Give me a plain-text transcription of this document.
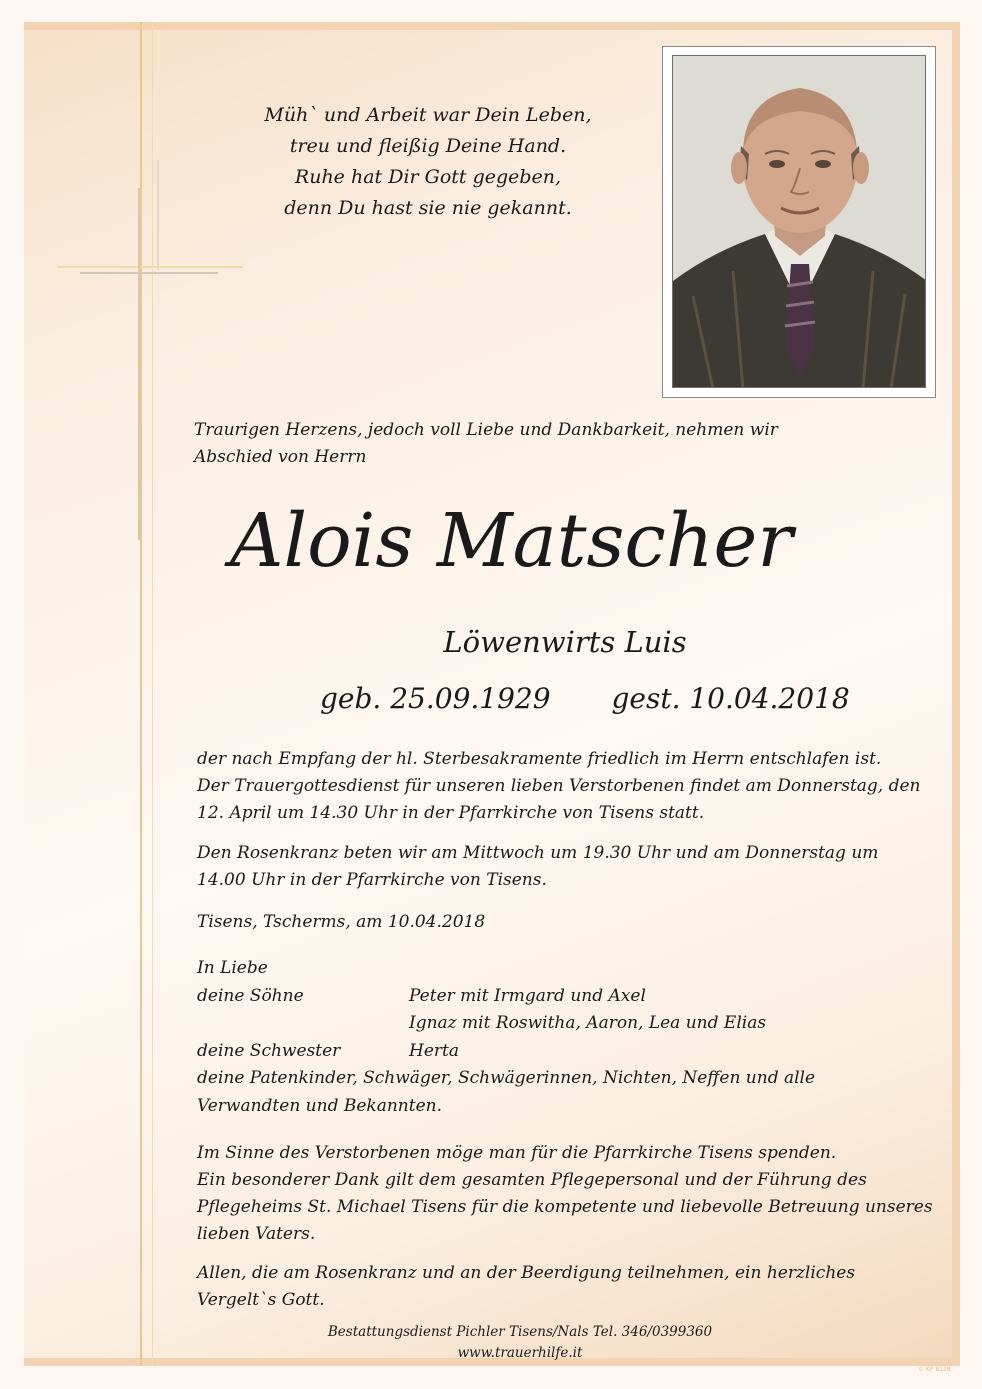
Müh` und Arbeit war Dein Leben,
treu und fleißig Deine Hand.
Ruhe hat Dir Gott gegeben,
denn Du hast sie nie gekannt.
Traurigen Herzens, jedoch voll Liebe und Dankbarkeit, nehmen wir
Abschied von Herrn
Alois Matscher
Löwenwirts Luis
geb. 25.09.1929 gest. 10.04.2018
der nach Empfang der hl. Sterbesakramente friedlich im Herrn entschlafen ist.
Der Trauergottesdienst für unseren lieben Verstorbenen findet am Donnerstag, den
12. April um 14.30 Uhr in der Pfarrkirche von Tisens statt.
Den Rosenkranz beten wir am Mittwoch um 19.30 Uhr und am Donnerstag um
14.00 Uhr in der Pfarrkirche von Tisens.
Tisens, Tscherms, am 10.04.2018
In Liebe
deine Söhne	Peter mit Irmgard und Axel
Ignaz mit Roswitha, Aaron, Lea und Elias
deine Schwester	Herta
deine Patenkinder, Schwäger, Schwägerinnen, Nichten, Neffen und alle
Verwandten und Bekannten.
Im Sinne des Verstorbenen möge man für die Pfarrkirche Tisens spenden.
Ein besonderer Dank gilt dem gesamten Pflegepersonal und der Führung des
Pflegeheims St. Michael Tisens für die kompetente und liebevolle Betreuung unseres
lieben Vaters.
Allen, die am Rosenkranz und an der Beerdigung teilnehmen, ein herzliches
Vergelt`s Gott.
Bestattungsdienst Pichler Tisens/Nals Tel. 346/0399360
www.trauerhilfe.it
© KP 8128
